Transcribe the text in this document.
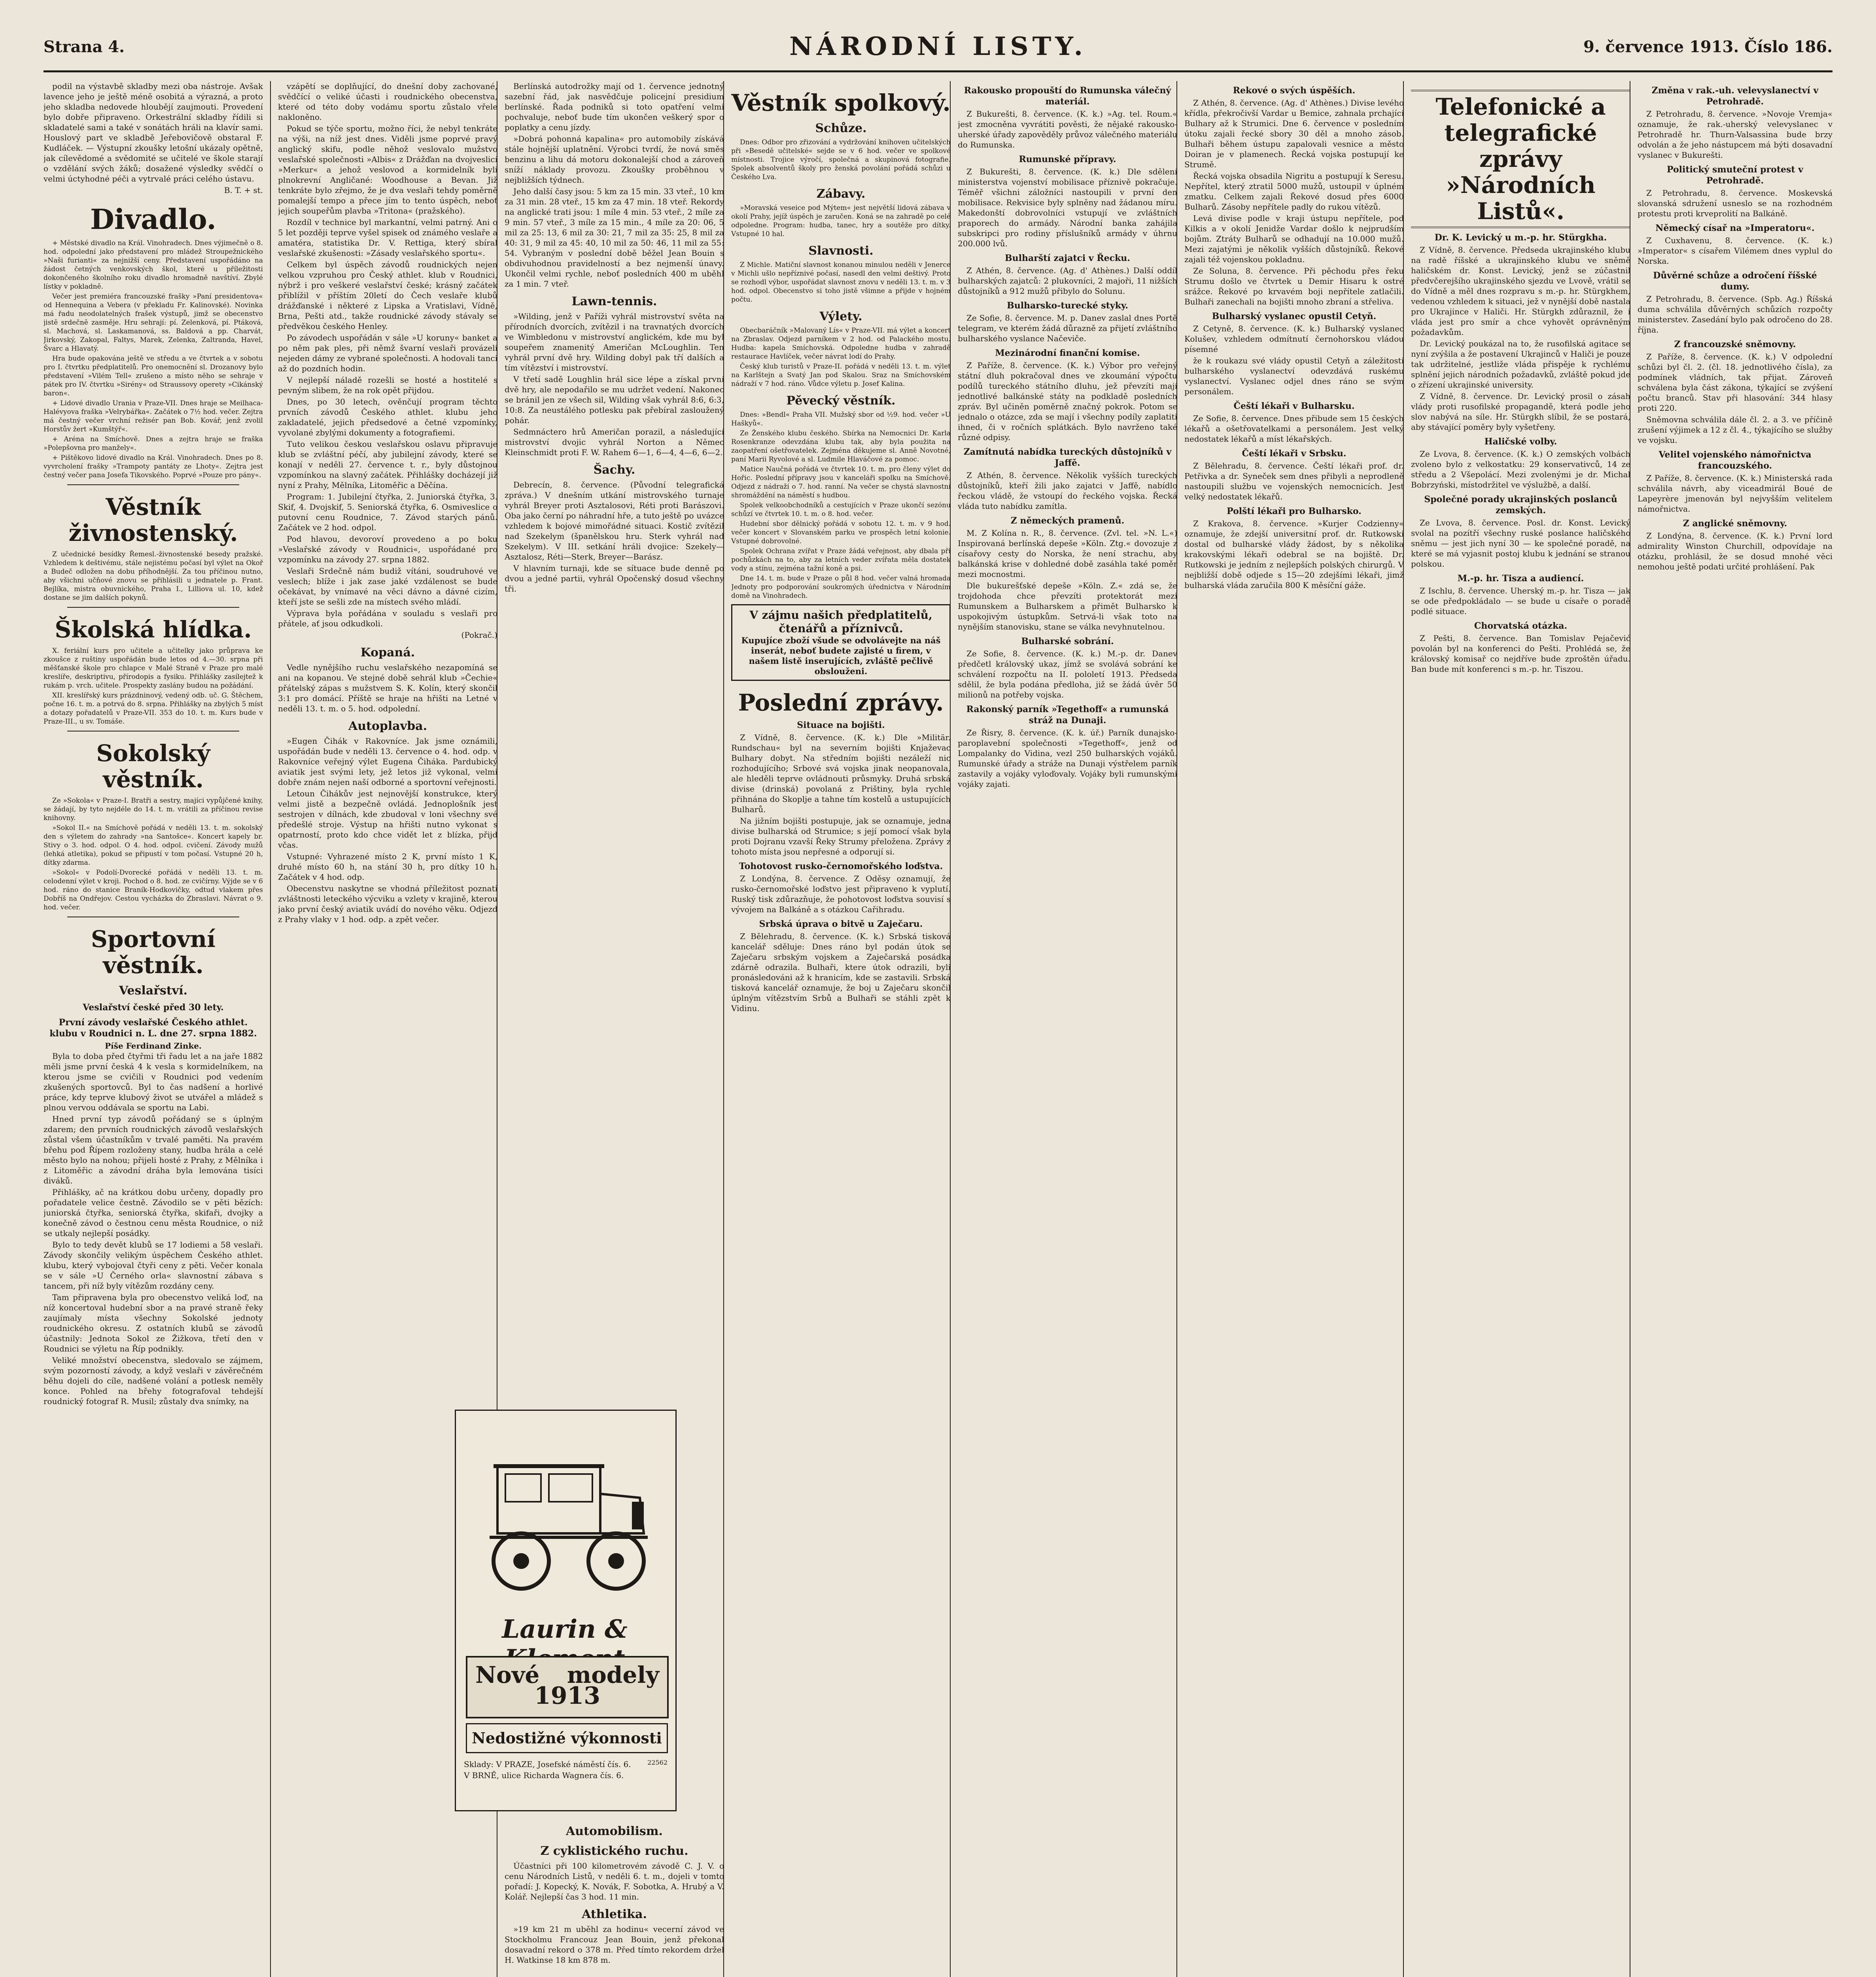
Strana 4.	NÁRODNÍ LISTY.	9. července 1913. Číslo 186.

podil na výstavbě skladby mezi oba nástroje. Avšak lavence jeho je ještě méně osobitá a výrazná, a proto jeho skladba nedovede hloubějí zaujmouti. Provedení bylo dobře připraveno. Orkestrální skladby řídili si skladatelé sami a také v sonátách hráli na klavír sami. Houslový part ve skladbě Jeřebovičově obstaral F. Kudláček. — Výstupní zkoušky letošní ukázaly opětně, jak cílevědomé a svědomité se učitelé ve škole starají o vzdělání svých žáků; dosažené výsledky svědčí o velmi úctyhodné péči a vytrvalé práci celého ústavu.

B. T. + st.
Divadlo.

+ Městské divadlo na Král. Vinohradech. Dnes výjimečně o 8. hod. odpolední jako představení pro mládež Stroupežnického »Naši furianti« za nejnižší ceny. Představení uspořádáno na žádost četných venkovských škol, které u příležitosti dokončeného školního roku divadlo hromadně navštíví. Zbylé lístky v pokladně.

Večer jest premiéra francouzské frašky »Paní presidentova« od Hennequina a Vebera (v překladu Fr. Kalinovské). Novinka má řadu neodolatelných frašek výstupů, jimž se obecenstvo jistě srdečně zasměje. Hru sehrají: pí. Zelenková, pí. Ptáková, sl. Machová, sl. Laskamanová, ss. Baldová a pp. Charvát, Jirkovský, Zakopal, Faltys, Marek, Zelenka, Zaltranda, Havel, Švarc a Hlavatý.

Hra bude opakována ještě ve středu a ve čtvrtek a v sobotu pro I. čtvrtku předplatitelů. Pro onemocnění sl. Drozanovy bylo představení »Vilém Tell« zrušeno a místo něho se sehraje v pátek pro IV. čtvrtku »Sirény« od Straussovy operety »Cikánský baron«.

+ Lidové divadlo Urania v Praze-VII. Dnes hraje se Meilhaca-Halévyova fraška »Velrybářka«. Začátek o 7½ hod. večer. Zejtra má čestný večer vrchní režisér pan Bob. Kovář, jenž zvolil Horstův žert »Kumštýř«.

+ Aréna na Smíchově. Dnes a zejtra hraje se fraška »Polepšovna pro manžely«.

+ Pištěkovo lidové divadlo na Král. Vinohradech. Dnes po 8. vyvrcholení frašky »Trampoty pantáty ze Lhoty«. Zejtra jest čestný večer pana Josefa Tikovského. Poprvé »Pouze pro pány«.

Věstník živnostenský.

Z učednické besídky Řemesl.-živnostenské besedy pražské. Vzhledem k deštivému, stále nejistému počasí byl výlet na Okoř a Budeč odložen na dobu příhodnější. Za tou příčinou nutno, aby všichni učňové znovu se přihlásili u jednatele p. Frant. Bejlíka, mistra obuvnického, Praha I., Lilliova ul. 10, kdež dostane se jim dalších pokynů.

Školská hlídka.

X. feriální kurs pro učitele a učitelky jako průprava ke zkoušce z ruštiny uspořádán bude letos od 4.—30. srpna při měšťanské škole pro chlapce v Malé Straně v Praze pro malé kreslíře, deskriptivu, přírodopis a fysiku. Přihlášky zasílejtež k rukám p. vrch. učitele. Prospekty zaslány budou na požádání.

XII. kreslířský kurs prázdninový, vedený odb. uč. G. Štěchem, počne 16. t. m. a potrvá do 8. srpna. Přihlášky na zbylých 5 míst a dotazy pořadatelů v Praze-VII. 353 do 10. t. m. Kurs bude v Praze-III., u sv. Tomáše.

Sokolský věstník.

Ze »Sokola« v Praze-I. Bratři a sestry, majíci vypůjčené knihy, se žádají, by tyto nejdéle do 14. t. m. vrátili za příčinou revise knihovny.

»Sokol II.« na Smíchově pořádá v neděli 13. t. m. sokolský den s výletem do zahrady »na Santošce«. Koncert kapely br. Stivy o 3. hod. odpol. O 4. hod. odpol. cvičení. Závody mužů (lehká atletika), pokud se připustí v tom počasí. Vstupné 20 h, dítky zdarma.

»Sokol« v Podolí-Dvorecké pořádá v neděli 13. t. m. celodenní výlet v kroji. Pochod o 8. hod. ze cvičírny. Výjde se v 6 hod. ráno do stanice Braník-Hodkovičky, odtud vlakem přes Dobříš na Ondřejov. Cestou vycházka do Zbraslavi. Návrat o 9. hod. večer.

Sportovní věstník.
Veslařství.
Veslařství české před 30 lety.
První závody veslařské Českého athlet. klubu v Roudnici n. L. dne 27. srpna 1882.
Píše Ferdinand Zinke.

Byla to doba před čtyřmi tři řadu let a na jaře 1882 měli jsme první česká 4 k vesla s kormidelníkem, na kterou jsme se cvičili v Roudnici pod vedením zkušených sportovců. Byl to čas nadšení a horlivé práce, kdy teprve klubový život se utvářel a mládež s plnou vervou oddávala se sportu na Labi.

Hned první typ závodů pořádaný se s úplným zdarem; den prvních roudnických závodů veslařských zůstal všem účastníkům v trvalé paměti. Na pravém břehu pod Řípem rozloženy stany, hudba hrála a celé město bylo na nohou; přijeli hosté z Prahy, z Mělníka i z Litoměřic a závodní dráha byla lemována tisíci diváků.

Přihlášky, ač na krátkou dobu určeny, dopadly pro pořadatele velice čestně. Závodilo se v pěti bězích: juniorská čtyřka, seniorská čtyřka, skifaři, dvojky a konečně závod o čestnou cenu města Roudnice, o niž se utkaly nejlepší posádky.

Bylo to tedy devět klubů se 17 lodiemi a 58 veslaři. Závody skončily velikým úspěchem Českého athlet. klubu, který vybojoval čtyři ceny z pěti. Večer konala se v sále »U Černého orla« slavnostní zábava s tancem, při níž byly vítězům rozdány ceny.

Tam připravena byla pro obecenstvo veliká loď, na níž koncertoval hudební sbor a na pravé straně řeky zaujímaly místa všechny Sokolské jednoty roudnického okresu. Z ostatních klubů se závodů účastnily: Jednota Sokol ze Žižkova, třetí den v Roudnici se výletu na Říp podnikly.

Veliké množství obecenstva, sledovalo se zájmem, svým pozorností závody, a když veslaři v závěrečném běhu dojeli do cíle, nadšené volání a potlesk neměly konce. Pohled na břehy fotografoval tehdejší roudnický fotograf R. Musil; zůstaly dva snímky, na

vzápětí se doplňující, do dnešní doby zachované, svědčící o veliké účasti i roudnického obecenstva, které od této doby vodámu sportu zůstalo vřele nakloněno.

Pokud se týče sportu, možno říci, že nebyl tenkráte na výši, na níž jest dnes. Viděli jsme poprvé pravý anglický skifu, podle něhož veslovalo mužstvo veslařské společnosti »Albis« z Drážďan na dvojveslicí »Merkur« a jehož veslovod a kormidelník byli plnokrevní Angličané: Woodhouse a Bevan. Již tenkráte bylo zřejmo, že je dva veslaři tehdy poměrně pomalejší tempo a přece jím to tento úspěch, neboť jejich soupeřům plavba »Tritona« (pražského).

Rozdíl v technice byl markantní, velmi patrný. Ani o 5 let později teprve vyšel spisek od známého veslaře a amatéra, statistika Dr. V. Rettiga, který sbíral veslařské zkušenosti: »Zásady veslařského sportu«.

Celkem byl úspěch závodů roudnických nejen velkou vzpruhou pro Český athlet. klub v Roudnici, nýbrž i pro veškeré veslařství české; krásný začátek přiblížil v příštím 20letí do Čech veslaře klubů drážďanské i některé z Lipska a Vratislavi, Vídně, Brna, Pešti atd., takže roudnické závody stávaly se předvěkou českého Henley.

Po závodech uspořádán v sále »U koruny« banket a po něm pak ples, při němž švarní veslaři provázeli nejeden dámy ze vybrané společnosti. A hodovali tanci až do pozdních hodin.

V nejlepší náladě rozešli se hosté a hostitelé s pevným slibem, že na rok opět přijdou.

Dnes, po 30 letech, ověnčují program těchto prvních závodů Českého athlet. klubu jeho zakladatelé, jejich předsedové a četné vzpomínky, vyvolané zbylými dokumenty a fotografiemi.

Tuto velikou českou veslařskou oslavu připravuje klub se zvláštní péčí, aby jubilejní závody, které se konají v neděli 27. července t. r., byly důstojnou vzpomínkou na slavný začátek. Přihlášky docházejí již nyní z Prahy, Mělníka, Litoměřic a Děčína.

Program: 1. Jubilejní čtyřka, 2. Juniorská čtyřka, 3. Skif, 4. Dvojskif, 5. Seniorská čtyřka, 6. Osmiveslice o putovní cenu Roudnice, 7. Závod starých pánů. Začátek ve 2 hod. odpol.

Pod hlavou, devoroví provedeno a po boku »Veslařské závody v Roudnici«, uspořádané pro vzpomínku na závody 27. srpna 1882.

Veslaři Srdečně nám budiž vítáni, soudruhové ve veslech; blíže i jak zase jaké vzdálenost se bude očekávat, by vnímavé na věci dávno a dávné cizím, kteří jste se sešli zde na místech svého mládí.

Výprava byla pořádána v souladu s veslaři pro přátele, ať jsou odkudkoli.

(Pokrač.)
Kopaná.

Vedle nynějšího ruchu veslařského nezapomíná se ani na kopanou. Ve stejné době sehrál klub »Čechie« přátelský zápas s mužstvem S. K. Kolín, který skončil 3:1 pro domácí. Příště se hraje na hřišti na Letné v neděli 13. t. m. o 5. hod. odpolední.

Autoplavba.

»Eugen Čihák v Rakovníce. Jak jsme oznámili, uspořádán bude v neděli 13. července o 4. hod. odp. v Rakovníce veřejný výlet Eugena Čiháka. Pardubický aviatik jest svými lety, jež letos již vykonal, velmi dobře znám nejen naší odborné a sportovní veřejnosti.

Letoun Čihákův jest nejnovější konstrukce, který velmi jistě a bezpečně ovládá. Jednoplošník jest sestrojen v dílnách, kde zbudoval v loni všechny své předešlé stroje. Výstup na hřišti nutno vykonat s opatrností, proto kdo chce vidět let z blízka, přijď včas.

Vstupné: Vyhrazené místo 2 K, první místo 1 K, druhé místo 60 h, na stání 30 h, pro dítky 10 h. Začátek v 4 hod. odp.

Obecenstvu naskytne se vhodná příležitost poznati zvláštnosti leteckého výcviku a vzlety v krajině, kterou jako první český aviatik uvádí do nového věku. Odjezd z Prahy vlaky v 1 hod. odp. a zpět večer.

Berlínská autodrožky mají od 1. července jednotný sazební řád, jak nasvědčuje policejní presidium berlínské. Řada podniků si toto opatření velmi pochvaluje, neboť bude tím ukončen veškerý spor o poplatky a cenu jízdy.

»Dobrá pohonná kapalina« pro automobily získává stále hojnější uplatnění. Výrobci tvrdí, že nová směs benzinu a lihu dá motoru dokonalejší chod a zároveň sníží náklady provozu. Zkoušky proběhnou v nejbližších týdnech.

Jeho další časy jsou: 5 km za 15 min. 33 vteř., 10 km za 31 min. 28 vteř., 15 km za 47 min. 18 vteř. Rekordy na anglické trati jsou: 1 míle 4 min. 53 vteř., 2 míle za 9 min. 57 vteř., 3 míle za 15 min., 4 míle za 20: 06, 5 mil za 25: 13, 6 mil za 30: 21, 7 mil za 35: 25, 8 mil za 40: 31, 9 mil za 45: 40, 10 mil za 50: 46, 11 mil za 55: 54. Vybraným v poslední době běžel Jean Bouin s obdivuhodnou pravidelností a bez nejmenší únavy. Ukončil velmi rychle, neboť posledních 400 m uběhl za 1 min. 7 vteř.

Lawn-tennis.

»Wilding, jenž v Paříži vyhrál mistrovství světa na přírodních dvorcích, zvítězil i na travnatých dvorcích ve Wimbledonu v mistrovství anglickém, kde mu byl soupeřem znamenitý Američan McLoughlin. Ten vyhrál první dvě hry. Wilding dobyl pak tří dalších a tím vítězství i mistrovství.

V třetí sadě Loughlin hrál sice lépe a získal první dvě hry, ale nepodařilo se mu udržet vedení. Nakonec se bránil jen ze všech sil, Wilding však vyhrál 8:6, 6:3, 10:8. Za neustálého potlesku pak přebíral zasloužený pohár.

Sedmnáctero hrů Američan porazil, a následující mistrovství dvojic vyhrál Norton a Němec Kleinschmidt proti F. W. Rahem 6—1, 6—4, 4—6, 6—2.

Šachy.

Debrecín, 8. července. (Původní telegrafická zpráva.) V dnešním utkání mistrovského turnaje vyhrál Breyer proti Asztalosovi, Réti proti Barászovi. Oba jako černí po náhradní hře, a tuto ještě po uvázce vzhledem k bojové mimořádné situaci. Kostič zvítězil nad Szekelym (španělskou hru. Sterk vyhrál nad Szekelym). V III. setkání hráli dvojice: Szekely—Asztalosz, Réti—Sterk, Breyer—Barász.

V hlavním turnaji, kde se sítuace bude denně po dvou a jedné partii, vyhrál Opočenský dosud všechny tři.

Laurin &
Nové modely
1913
Nedostižné výkonnosti
Sklady: V PRAZE, Josefské náměstí čís. 6.
V BRNĚ, ulice Richarda Wagnera čís. 6.
22562
Automobilism.
Z cyklistického ruchu.

Účastníci při 100 kilometrovém závodě C. J. V. o cenu Národních Listů, v neděli 6. t. m., dojeli v tomto pořadí: J. Kopecký, K. Novák, F. Sobotka, A. Hrubý a V. Kolář. Nejlepší čas 3 hod. 11 min.

Athletika.

»19 km 21 m uběhl za hodinu« vecerní závod ve Stockholmu Francouz Jean Bouin, jenž překonal dosavadní rekord o 378 m. Před tímto rekordem držel H. Watkinse 18 km 878 m.

Věstník spolkový.
Schůze.

Dnes: Odbor pro zřizování a vydržování knihoven učitelských při »Besedě učitelské« sejde se v 6 hod. večer ve spolkové místnosti. Trojice výročí, společná a skupinová fotografie. Spolek absolventů školy pro ženská povolání pořádá schůzi u Českého Lva.

Zábavy.

»Moravská veseice pod Mýtem« jest největší lidová zábava v okolí Prahy, jejíž úspěch je zaručen. Koná se na zahradě po celé odpoledne. Program: hudba, tanec, hry a soutěže pro dítky. Vstupné 10 hal.

Slavnosti.

Z Michle. Matiční slavnost konanou minulou neděli v Jenerce v Michli ušlo nepříznivé počasí, nasedl den velmi deštivý. Proto se rozhodl výbor, uspořádat slavnost znovu v neděli 13. t. m. v 3 hod. odpol. Obecenstvo si toho jistě všimne a přijde v hojném počtu.

Výlety.

Obecbaráčník »Malovaný Lís« v Praze-VII. má výlet a koncert na Zbraslav. Odjezd parníkem v 2 hod. od Palackého mostu. Hudba: kapela Smíchovská. Odpoledne hudba v zahradě restaurace Havlíček, večer návrat lodí do Prahy.

Český klub turistů v Praze-II. pořádá v neděli 13. t. m. výlet na Karlštejn a Svatý Jan pod Skalou. Sraz na Smíchovském nádraží v 7 hod. ráno. Vůdce výletu p. Josef Kalina.

Pěvecký věstník.

Dnes: »Bendl« Praha VII. Mužský sbor od ½9. hod. večer »U Haškyů«.

Ze Ženského klubu českého. Sbírka na Nemocnici Dr. Karla Rosenkranze odevzdána klubu tak, aby byla použita na zaopatření ošetřovatelek. Zejména děkujeme sl. Anně Novotné, paní Marii Ryvolové a sl. Ludmile Hlaváčové za pomoc.

Matice Naučná pořádá ve čtvrtek 10. t. m. pro členy výlet do Hořic. Poslední přípravy jsou v kanceláři spolku na Smíchově. Odjezd z nádraží o 7. hod. ranní. Na večer se chystá slavnostní shromáždění na náměstí s hudbou.

Spolek velkoobchodníků a cestujících v Praze ukončí sezónu schůzí ve čtvrtek 10. t. m. o 8. hod. večer.

Hudební sbor dělnický pořádá v sobotu 12. t. m. v 9 hod. večer koncert v Slovanském parku ve prospěch letní kolonie. Vstupné dobrovolné.

Spolek Ochrana zvířat v Praze žádá veřejnost, aby dbala při pochůzkách na to, aby za letních veder zvířata měla dostatek vody a stínu, zejména tažní koně a psi.

Dne 14. t. m. bude v Praze o půl 8 hod. večer valná hromada Jednoty pro podporování soukromých úřednictva v Národním domě na Vinohradech.

V zájmu našich předplatitelů, čtenářů a příznivců.
Kupujíce zboží všude se odvolávejte na náš inserát, neboť budete zajisté u firem, v našem listě inserujících, zvláště pečlivě obslouženi.
Poslední zprávy.
Situace na bojišti.

Z Vídně, 8. července. (K. k.) Dle »Militär. Rundschau« byl na severním bojišti Knjaževac Bulhary dobyt. Na středním bojišti nezáleží nic rozhodujícího; Srbové svá vojska jinak neopanovala, ale hleděli teprve ovládnouti průsmyky. Druhá srbská divise (drinská) povolaná z Prištiny, byla rychle přihnána do Skoplje a tahne tím kostelů a ustupujících Bulharů.

Na jižním bojišti postupuje, jak se oznamuje, jedna divise bulharská od Strumice; s její pomocí však byla proti Dojranu vzavší Řeky Strumy přeložena. Zprávy z tohoto místa jsou nepřesné a odporují si.

Tohotovost rusko-černomořského loďstva.

Z Londýna, 8. července. Z Oděsy oznamují, že rusko-černomořské loďstvo jest připraveno k vyplutí. Ruský tisk zdůrazňuje, že pohotovost loďstva souvisí s vývojem na Balkáně a s otázkou Cařihradu.

Srbská úprava o bitvě u Zaječaru.

Z Bělehradu, 8. července. (K. k.) Srbská tisková kancelář sděluje: Dnes ráno byl podán útok se Zaječaru srbským vojskem a Zaječarská posádka zdárně odrazila. Bulhaři, ktere útok odrazili, byli pronásledováni až k hranicím, kde se zastavili. Srbská tisková kancelář oznamuje, že boj u Zaječaru skončil úplným vítězstvím Srbů a Bulhaři se stáhli zpět k Vidinu.

Rakousko propouští do Rumunska válečný materiál.

Z Bukurešti, 8. července. (K. k.) »Ag. tel. Roum.« jest zmocněna vyvrátiti pověsti, že nějaké rakousko-uherské úřady zapověděly průvoz válečného materiálu do Rumunska.

Rumunské přípravy.

Z Bukurešti, 8. července. (K. k.) Dle sdělení ministerstva vojenství mobilisace příznivě pokračuje. Téměř všichni záložníci nastoupili v první den mobilisace. Rekvisice byly splněny nad žádanou míru. Makedonští dobrovolníci vstupují ve zvláštních praporech do armády. Národní banka zahájila subskripci pro rodiny příslušníků armády v úhrnu 200.000 lvů.

Bulharští zajatci v Řecku.

Z Athén, 8. července. (Ag. d' Athènes.) Další oddíl bulharských zajatců: 2 plukovníci, 2 majoři, 11 nižších důstojníků a 912 mužů přibylo do Solunu.

Bulharsko-turecké styky.

Ze Sofie, 8. července. M. p. Danev zaslal dnes Portě telegram, ve kterém žádá důrazně za přijetí zvláštního bulharského vyslance Načeviče.

Mezinárodní finanční komise.

Z Paříže, 8. července. (K. k.) Výbor pro veřejný státní dluh pokračoval dnes ve zkoumání výpočtu podílů tureckého státního dluhu, jež převzíti mají jednotlivé balkánské státy na podkladě posledních zpráv. Byl učiněn poměrně značný pokrok. Potom se jednalo o otázce, zda se mají i všechny podíly zaplatiti ihned, či v ročních splátkách. Bylo navrženo také různé odpisy.

Zamítnutá nabídka tureckých důstojníků v Jaffě.

Z Athén, 8. července. Několik vyšších tureckých důstojníků, kteří žili jako zajatci v Jaffě, nabídlo řeckou vládě, že vstoupí do řeckého vojska. Řecká vláda tuto nabídku zamítla.

Z německých pramenů.

M. Z Kolína n. R., 8. července. (Zvl. tel. »N. L.«) Inspirovaná berlínská depeše »Köln. Ztg.« dovozuje z císařovy cesty do Norska, že není strachu, aby balkánská krise v dohledné době zasáhla také poměr mezi mocnostmi.

Dle bukurešťské depeše »Köln. Z.« zdá se, že trojdohoda chce převzíti protektorát mezi Rumunskem a Bulharskem a přimět Bulharsko k uspokojivým ústupkům. Setrvá-li však toto na nynějším stanovisku, stane se válka nevyhnutelnou.

Bulharské sobrání.

Ze Sofie, 8. července. (K. k.) M.-p. dr. Danev předčetl královský ukaz, jímž se svolává sobrání ke schválení rozpočtu na II. pololetí 1913. Předseda sdělil, že byla podána předloha, již se žádá úvěr 50 milionů na potřeby vojska.

Rakonský parník »Tegethoff« a rumunská stráž na Dunaji.

Ze Řisry, 8. července. (K. k. úř.) Parník dunajsko-paroplavební společnosti »Tegethoff«, jenž od Lompalanky do Vidina, vezl 250 bulharských vojáků. Rumunské úřady a stráže na Dunaji výstřelem parník zastavily a vojáky vyloďovaly. Vojáky byli rumunskými vojáky zajati.

Rekové o svých úspěších.

Z Athén, 8. července. (Ag. d' Athènes.) Divise levého křídla, překročivší Vardar u Bemice, zahnala prchající Bulhary až k Strumici. Dne 6. července v posledním útoku zajali řecké sbory 30 děl a mnoho zásob. Bulhaři během ústupu zapalovali vesnice a město Doiran je v plamenech. Řecká vojska postupují ke Strumě.

Řecká vojska obsadila Nigritu a postupují k Seresu. Nepřítel, který ztratil 5000 mužů, ustoupil v úplném zmatku. Celkem zajali Řekové dosud přes 6000 Bulharů. Zásoby nepřítele padly do rukou vítězů.

Levá divise podle v kraji ústupu nepřítele, pod Kilkis a v okolí Jenidže Vardar došlo k nejprudším bojům. Ztráty Bulharů se odhadují na 10.000 mužů. Mezi zajatými je několik vyšších důstojníků. Řekové zajali též vojenskou pokladnu.

Ze Soluna, 8. července. Při pěchodu přes řeku Strumu došlo ve čtvrtek u Demir Hisaru k ostré srážce. Řekové po krvavém boji nepřítele zatlačili. Bulhaři zanechali na bojišti mnoho zbraní a střeliva.

Bulharský vyslanec opustil Cetyň.

Z Cetyně, 8. července. (K. k.) Bulharský vyslanec Kolušev, vzhledem odmítnutí černohorskou vládou písemné

že k roukazu své vlády opustil Cetyň a záležitosti bulharského vyslanectví odevzdává ruskému vyslanectví. Vyslanec odjel dnes ráno se svým personálem.

Čeští lékaři v Bulharsku.

Ze Sofie, 8. července. Dnes přibude sem 15 českých lékařů a ošetřovatelkami a personálem. Jest velký nedostatek lékařů a míst lékařských.

Čeští lékaři v Srbsku.

Z Bělehradu, 8. července. Čeští lékaři prof. dr. Petřivka a dr. Syneček sem dnes přibyli a neprodleně nastoupili službu ve vojenských nemocnicích. Jest velký nedostatek lékařů.

Polští lékaři pro Bulharsko.

Z Krakova, 8. července. »Kurjer Codzienny« oznamuje, že zdejší universitní prof. dr. Rutkowski dostal od bulharské vlády žádost, by s několika krakovskými lékaři odebral se na bojiště. Dr. Rutkowski je jedním z nejlepších polských chirurgů. V nejbližší době odjede s 15—20 zdejšími lékaři, jimž bulharská vláda zaručila 800 K měsíční gáže.

Telefonické a telegrafické zprávy »Národních Listů«.
Dr. K. Levický u m.-p. hr. Stürgkha.

Z Vídně, 8. července. Předseda ukrajinského klubu na radě říšské a ukrajinského klubu ve sněmě haličském dr. Konst. Levický, jenž se zúčastnil předvčerejšího ukrajinského sjezdu ve Lvově, vrátil se do Vídně a měl dnes rozpravu s m.-p. hr. Stürgkhem, vedenou vzhledem k situaci, jež v nynější době nastala pro Ukrajince v Haliči. Hr. Stürgkh zdůraznil, že i vláda jest pro smír a chce vyhovět oprávněným požadavkům.

Dr. Levický poukázal na to, že rusofilská agitace se nyní zvýšila a že postavení Ukrajinců v Haliči je pouze tak udržitelné, jestliže vláda přispěje k rychlému splnění jejich národních požadavků, zvláště pokud jde o zřízení ukrajinské university.

Z Vídně, 8. července. Dr. Levický prosil o zásah vlády proti rusofilské propagandě, která podle jeho slov nabývá na síle. Hr. Stürgkh slíbil, že se postará, aby stávající poměry byly vyšetřeny.

Haličské volby.

Ze Lvova, 8. července. (K. k.) O zemských volbách zvoleno bylo z velkostatku: 29 konservativců, 14 ze středu a 2 Všepolácí. Mezi zvolenými je dr. Michal Bobrzyński, místodržitel ve výslužbě, a další.

Společné porady ukrajinských poslanců zemských.

Ze Lvova, 8. července. Posl. dr. Konst. Levický svolal na pozítří všechny ruské poslance haličského sněmu — jest jich nyní 30 — ke společné poradě, na které se má vyjasnit postoj klubu k jednání se stranou polskou.

M.-p. hr. Tisza a audiencí.

Z Ischlu, 8. července. Uherský m.-p. hr. Tisza — jak se ode předpokládalo — se bude u císaře o poradě podlé situace.

Chorvatská otázka.

Z Pešti, 8. července. Ban Tomislav Pejačević povolán byl na konferenci do Pešti. Prohlédá se, že královský komisař co nejdříve bude zproštěn úřadu. Ban bude mít konferenci s m.-p. hr. Tiszou.

Změna v rak.-uh. velevyslanectví v Petrohradě.

Z Petrohradu, 8. července. »Novoje Vremja« oznamuje, že rak.-uherský velevyslanec v Petrohradě hr. Thurn-Valsassina bude brzy odvolán a že jeho nástupcem má býti dosavadní vyslanec v Bukurešti.

Politický smuteční protest v Petrohradě.

Z Petrohradu, 8. července. Moskevská slovanská sdružení usneslo se na rozhodném protestu proti krveprolití na Balkáně.

Německý císař na »Imperatoru«.

Z Cuxhavenu, 8. července. (K. k.) »Imperator« s císařem Vilémem dnes vyplul do Norska.

Důvěrné schůze a odročení říšské dumy.

Z Petrohradu, 8. července. (Spb. Ag.) Říšská duma schválila důvěrných schůzích rozpočty ministerstev. Zasedání bylo pak odročeno do 28. října.

Z francouzské sněmovny.

Z Paříže, 8. července. (K. k.) V odpolední schůzi byl čl. 2. (čl. 18. jednotlivého čísla), za podmínek vládních, tak přijat. Zároveň schválena byla část zákona, týkající se zvýšení počtu branců. Stav při hlasování: 344 hlasy proti 220.

Sněmovna schválila dále čl. 2. a 3. ve příčině zrušení výjimek a 12 z čl. 4., týkajícího se služby ve vojsku.

Velitel vojenského námořnictva francouzského.

Z Paříže, 8. července. (K. k.) Ministerská rada schválila návrh, aby viceadmirál Boué de Lapeyrère jmenován byl nejvyšším velitelem námořnictva.

Z anglické sněmovny.

Z Londýna, 8. července. (K. k.) První lord admirality Winston Churchill, odpovídaje na otázku, prohlásil, že se dosud mnohé věci nemohou ještě podati určité prohlášení. Pak
